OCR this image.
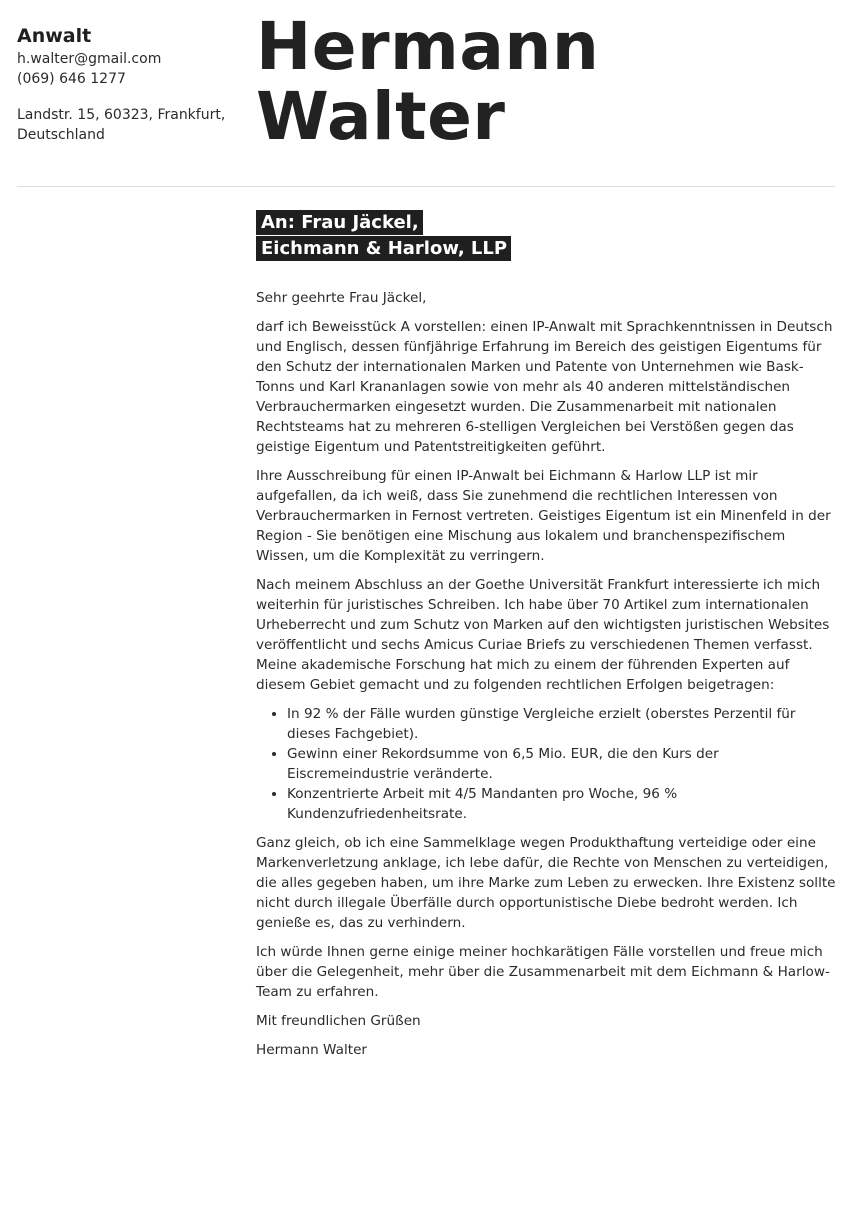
Anwalt
h.walter@gmail.com
(069) 646 1277
Landstr. 15, 60323, Frankfurt, Deutschland
Hermann
Walter
An: Frau Jäckel,
Eichmann & Harlow, LLP

Sehr geehrte Frau Jäckel,

darf ich Beweisstück A vorstellen: einen IP-Anwalt mit Sprachkenntnissen in Deutsch und Englisch, dessen fünfjährige Erfahrung im Bereich des geistigen Eigentums für den Schutz der internationalen Marken und Patente von Unternehmen wie Bask-Tonns und Karl Krananlagen sowie von mehr als 40 anderen mittelständischen Verbrauchermarken eingesetzt wurden. Die Zusammenarbeit mit nationalen Rechtsteams hat zu mehreren 6-stelligen Vergleichen bei Verstößen gegen das geistige Eigentum und Patentstreitigkeiten geführt.

Ihre Ausschreibung für einen IP-Anwalt bei Eichmann & Harlow LLP ist mir aufgefallen, da ich weiß, dass Sie zunehmend die rechtlichen Interessen von Verbrauchermarken in Fernost vertreten. Geistiges Eigentum ist ein Minenfeld in der Region - Sie benötigen eine Mischung aus lokalem und branchenspezifischem Wissen, um die Komplexität zu verringern.

Nach meinem Abschluss an der Goethe Universität Frankfurt interessierte ich mich weiterhin für juristisches Schreiben. Ich habe über 70 Artikel zum internationalen Urheberrecht und zum Schutz von Marken auf den wichtigsten juristischen Websites veröffentlicht und sechs Amicus Curiae Briefs zu verschiedenen Themen verfasst. Meine akademische Forschung hat mich zu einem der führenden Experten auf diesem Gebiet gemacht und zu folgenden rechtlichen Erfolgen beigetragen:

• In 92 % der Fälle wurden günstige Vergleiche erzielt (oberstes Perzentil für dieses Fachgebiet).
• Gewinn einer Rekordsumme von 6,5 Mio. EUR, die den Kurs der Eiscremeindustrie veränderte.
• Konzentrierte Arbeit mit 4/5 Mandanten pro Woche, 96 % Kundenzufriedenheitsrate.

Ganz gleich, ob ich eine Sammelklage wegen Produkthaftung verteidige oder eine Markenverletzung anklage, ich lebe dafür, die Rechte von Menschen zu verteidigen, die alles gegeben haben, um ihre Marke zum Leben zu erwecken. Ihre Existenz sollte nicht durch illegale Überfälle durch opportunistische Diebe bedroht werden. Ich genieße es, das zu verhindern.

Ich würde Ihnen gerne einige meiner hochkarätigen Fälle vorstellen und freue mich über die Gelegenheit, mehr über die Zusammenarbeit mit dem Eichmann & Harlow-Team zu erfahren.

Mit freundlichen Grüßen

Hermann Walter
